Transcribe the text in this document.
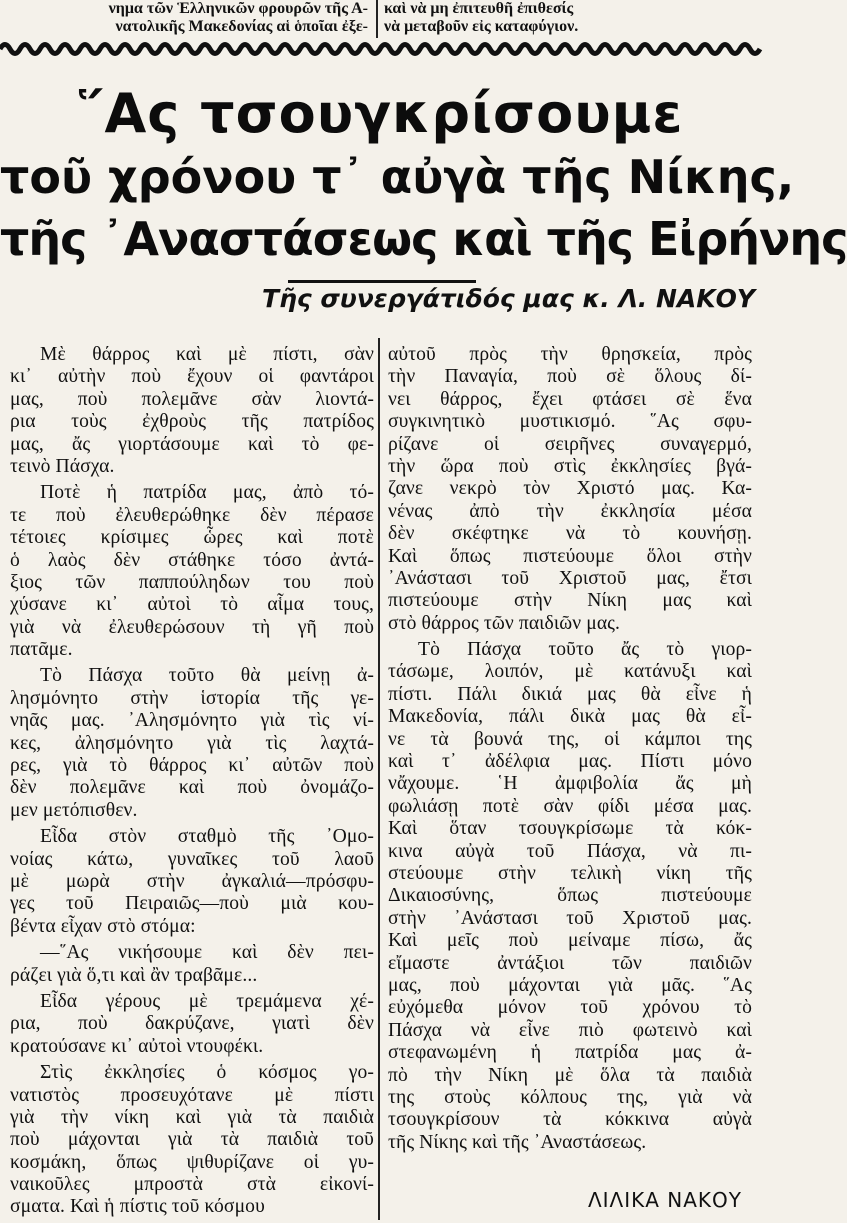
νημα τῶν Ἑλληνικῶν φρουρῶν τῆς Α-
νατολικῆς Μακεδονίας αἱ ὁποῖαι ἐξε-
καὶ νὰ μη ἐπιτευθῆ ἐπιθεσίς
νὰ μεταβοῦν εἰς καταφύγιον.
῞Ας τσουγκρίσουμε
τοῦ χρόνου τ᾽ αὐγὰ τῆς Νίκης,
τῆς ᾽Αναστάσεως καὶ τῆς Εἰρήνης
Τῆς συνεργάτιδός μας κ. Λ. ΝΑΚΟΥ
Μὲ θάρρος καὶ μὲ πίστι, σὰν
κι᾽ αὐτὴν ποὺ ἔχουν οἱ φαντάροι
μας, ποὺ πολεμᾶνε σὰν λιοντά-
ρια τοὺς ἐχθροὺς τῆς πατρίδος
μας, ἄς γιορτάσουμε καὶ τὸ φε-
τεινὸ Πάσχα.
Ποτὲ ἡ πατρίδα μας, ἀπὸ τό-
τε ποὺ ἐλευθερώθηκε δὲν πέρασε
τέτοιες κρίσιμες ὧρες καὶ ποτὲ
ὁ λαὸς δὲν στάθηκε τόσο ἀντά-
ξιος τῶν παππούληδων του ποὺ
χύσανε κι᾽ αὐτοὶ τὸ αἷμα τους,
γιὰ νὰ ἐλευθερώσουν τὴ γῆ ποὺ
πατᾶμε.
Τὸ Πάσχα τοῦτο θὰ μείνῃ ἀ-
λησμόνητο στὴν ἱστορία τῆς γε-
νηᾶς μας. ᾽Αλησμόνητο γιὰ τὶς νί-
κες, ἀλησμόνητο γιὰ τὶς λαχτά-
ρες, γιὰ τὸ θάρρος κι᾽ αὐτῶν ποὺ
δὲν πολεμᾶνε καὶ ποὺ ὀνομάζο-
μεν μετόπισθεν.
Εἶδα στὸν σταθμὸ τῆς ᾽Ομο-
νοίας κάτω, γυναῖκες τοῦ λαοῦ
μὲ μωρὰ στὴν ἀγκαλιά—πρόσφυ-
γες τοῦ Πειραιῶς—ποὺ μιὰ κου-
βέντα εἶχαν στὸ στόμα:
—῞Ας νικήσουμε καὶ δὲν πει-
ράζει γιὰ ὅ,τι καὶ ἂν τραβᾶμε...
Εἶδα γέρους μὲ τρεμάμενα χέ-
ρια, ποὺ δακρύζανε, γιατὶ δὲν
κρατούσανε κι᾽ αὐτοὶ ντουφέκι.
Στὶς ἐκκλησίες ὁ κόσμος γο-
νατιστὸς προσευχότανε μὲ πίστι
γιὰ τὴν νίκη καὶ γιὰ τὰ παιδιὰ
ποὺ μάχονται γιὰ τὰ παιδιὰ τοῦ
κοσμάκη, ὅπως ψιθυρίζανε οἱ γυ-
ναικοῦλες μπροστὰ στὰ εἰκονί-
σματα. Καὶ ἡ πίστις τοῦ κόσμου
αὐτοῦ πρὸς τὴν θρησκεία, πρὸς
τὴν Παναγία, ποὺ σὲ ὅλους δί-
νει θάρρος, ἔχει φτάσει σὲ ἕνα
συγκινητικὸ μυστικισμό. ῞Ας σφυ-
ρίζανε οἱ σειρῆνες συναγερμό,
τὴν ὥρα ποὺ στὶς ἐκκλησίες βγά-
ζανε νεκρὸ τὸν Χριστό μας. Κα-
νένας ἀπὸ τὴν ἐκκλησία μέσα
δὲν σκέφτηκε νὰ τὸ κουνήσῃ.
Καὶ ὅπως πιστεύουμε ὅλοι στὴν
᾽Ανάστασι τοῦ Χριστοῦ μας, ἔτσι
πιστεύουμε στὴν Νίκη μας καὶ
στὸ θάρρος τῶν παιδιῶν μας.
Τὸ Πάσχα τοῦτο ἄς τὸ γιορ-
τάσωμε, λοιπόν, μὲ κατάνυξι καὶ
πίστι. Πάλι δικιά μας θὰ εἶνε ἡ
Μακεδονία, πάλι δικὰ μας θὰ εἶ-
νε τὰ βουνά της, οἱ κάμποι της
καὶ τ᾽ ἀδέλφια μας. Πίστι μόνο
νἄχουμε. ῾Η ἀμφιβολία ἄς μὴ
φωλιάσῃ ποτὲ σὰν φίδι μέσα μας.
Καὶ ὅταν τσουγκρίσωμε τὰ κόκ-
κινα αὐγὰ τοῦ Πάσχα, νὰ πι-
στεύουμε στὴν τελικὴ νίκη τῆς
Δικαιοσύνης, ὅπως πιστεύουμε
στὴν ᾽Ανάστασι τοῦ Χριστοῦ μας.
Καὶ μεῖς ποὺ μείναμε πίσω, ἄς
εἴμαστε ἀντάξιοι τῶν παιδιῶν
μας, ποὺ μάχονται γιὰ μᾶς. ῞Ας
εὐχόμεθα μόνον τοῦ χρόνου τὸ
Πάσχα νὰ εἶνε πιὸ φωτεινὸ καὶ
στεφανωμένη ἡ πατρίδα μας ἀ-
πὸ τὴν Νίκη μὲ ὅλα τὰ παιδιὰ
της στοὺς κόλπους της, γιὰ νὰ
τσουγκρίσουν τὰ κόκκινα αὐγὰ
τῆς Νίκης καὶ τῆς ᾽Αναστάσεως.
ΛΙΛΙΚΑ ΝΑΚΟΥ
